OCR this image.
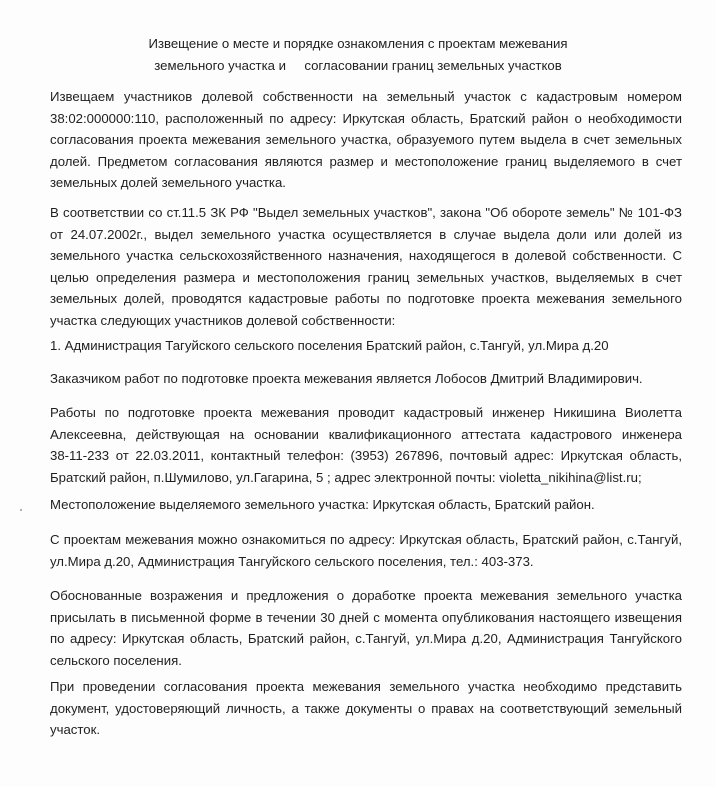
Извещение о месте и порядке ознакомления с проектам межевания
земельного участка и     согласовании границ земельных участков
Извещаем участников долевой собственности на земельный участок с кадастровым номером
38:02:000000:110, расположенный по адресу: Иркутская область, Братский район о необходимости
согласования проекта межевания земельного участка, образуемого путем выдела в счет земельных
долей. Предметом согласования являются размер и местоположение границ выделяемого в счет
земельных долей земельного участка.
В соответствии со ст.11.5 ЗК РФ "Выдел земельных участков", закона "Об обороте земель" № 101-ФЗ
от 24.07.2002г., выдел земельного участка осуществляется в случае выдела доли или долей из
земельного участка сельскохозяйственного назначения, находящегося в долевой собственности. С
целью определения размера и местоположения границ земельных участков, выделяемых в счет
земельных долей, проводятся кадастровые работы по подготовке проекта межевания земельного
участка следующих участников долевой собственности:
1. Администрация Тагуйского сельского поселения Братский район, с.Тангуй, ул.Мира д.20
Заказчиком работ по подготовке проекта межевания является Лобосов Дмитрий Владимирович.
Работы по подготовке проекта межевания проводит кадастровый инженер Никишина Виолетта
Алексеевна, действующая на основании квалификационного аттестата кадастрового инженера
38-11-233 от 22.03.2011, контактный телефон: (3953) 267896, почтовый адрес: Иркутская область,
Братский район, п.Шумилово, ул.Гагарина, 5 ; адрес электронной почты: violetta_nikihina@list.ru;
Местоположение выделяемого земельного участка: Иркутская область, Братский район.
С проектам межевания можно ознакомиться по адресу: Иркутская область, Братский район, с.Тангуй,
ул.Мира д.20, Администрация Тангуйского сельского поселения, тел.: 403-373.
Обоснованные возражения и предложения о доработке проекта межевания земельного участка
присылать в письменной форме в течении 30 дней с момента опубликования настоящего извещения
по адресу: Иркутская область, Братский район, с.Тангуй, ул.Мира д.20, Администрация Тангуйского
сельского поселения.
При проведении согласования проекта межевания земельного участка необходимо представить
документ, удостоверяющий личность, а также документы о правах на соответствующий земельный
участок.
